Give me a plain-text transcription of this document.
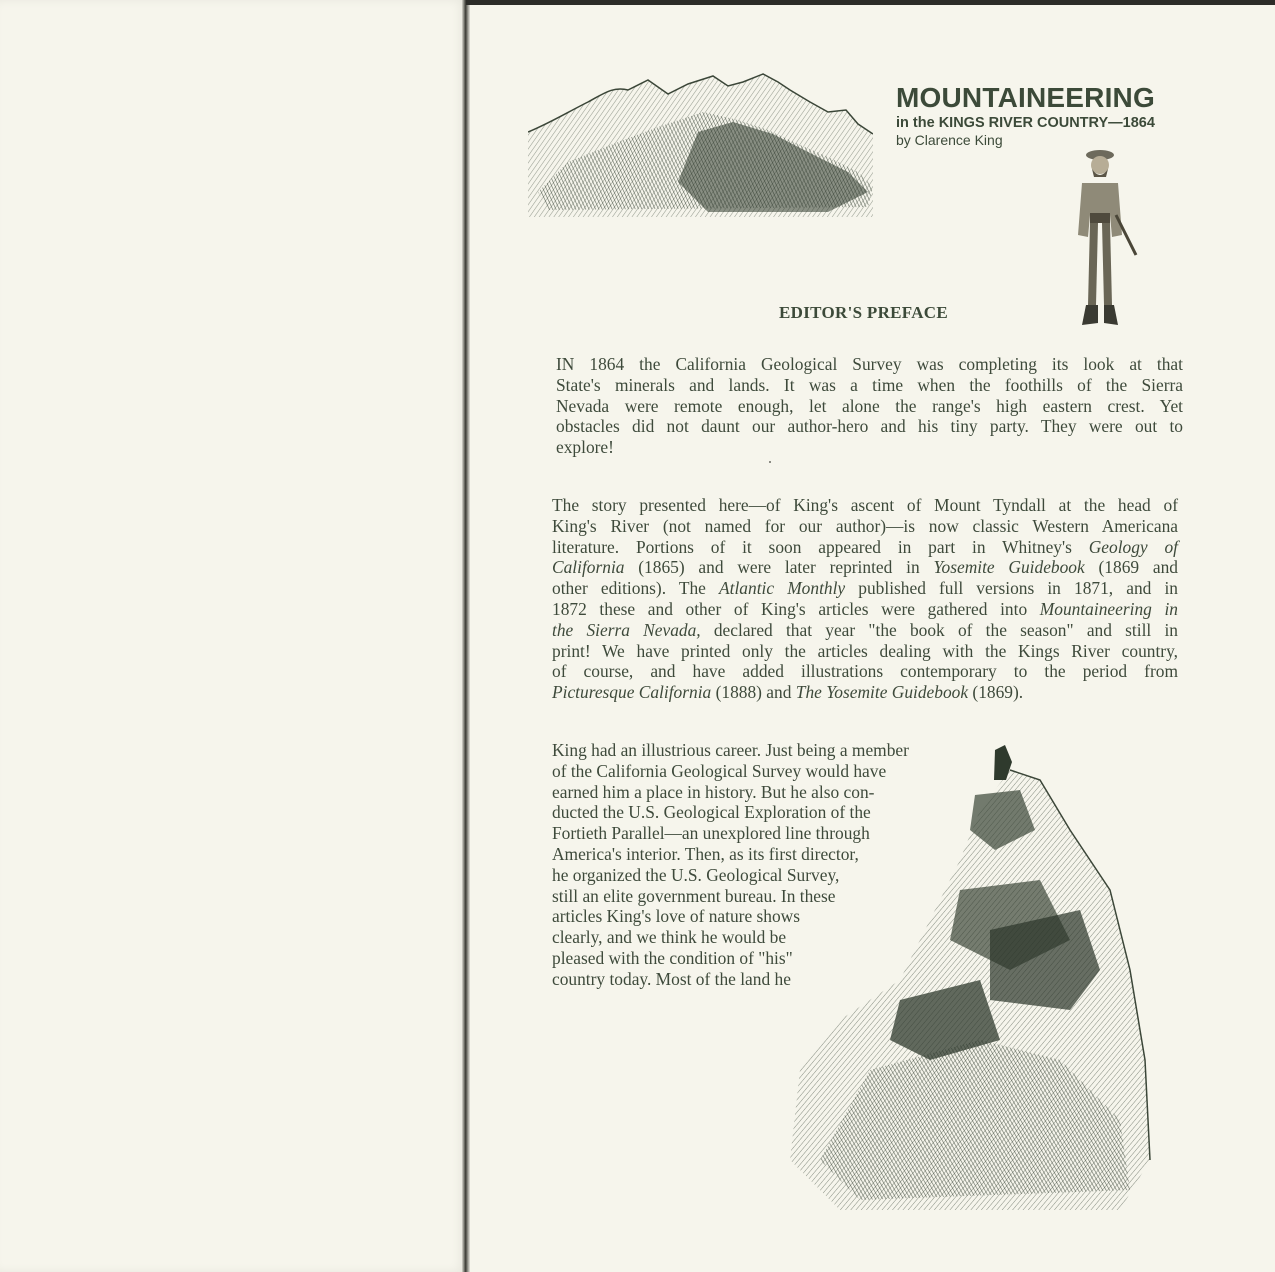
MOUNTAINEERING
in the KINGS RIVER COUNTRY—1864
by Clarence King
EDITOR'S PREFACE
IN 1864 the California Geological Survey was completing its look at that
State's minerals and lands. It was a time when the foothills of the Sierra
Nevada were remote enough, let alone the range's high eastern crest. Yet
obstacles did not daunt our author-hero and his tiny party. They were out to
explore!
The story presented here—of King's ascent of Mount Tyndall at the head of
King's River (not named for our author)—is now classic Western Americana
literature. Portions of it soon appeared in part in Whitney's Geology of
California (1865) and were later reprinted in Yosemite Guidebook (1869 and
other editions). The Atlantic Monthly published full versions in 1871, and in
1872 these and other of King's articles were gathered into Mountaineering in
the Sierra Nevada, declared that year "the book of the season" and still in
print! We have printed only the articles dealing with the Kings River country,
of course, and have added illustrations contemporary to the period from
Picturesque California (1888) and The Yosemite Guidebook (1869).
King had an illustrious career. Just being a member
of the California Geological Survey would have
earned him a place in history. But he also con-
ducted the U.S. Geological Exploration of the
Fortieth Parallel—an unexplored line through
America's interior. Then, as its first director,
he organized the U.S. Geological Survey,
still an elite government bureau. In these
articles King's love of nature shows
clearly, and we think he would be
pleased with the condition of "his"
country today. Most of the land he
